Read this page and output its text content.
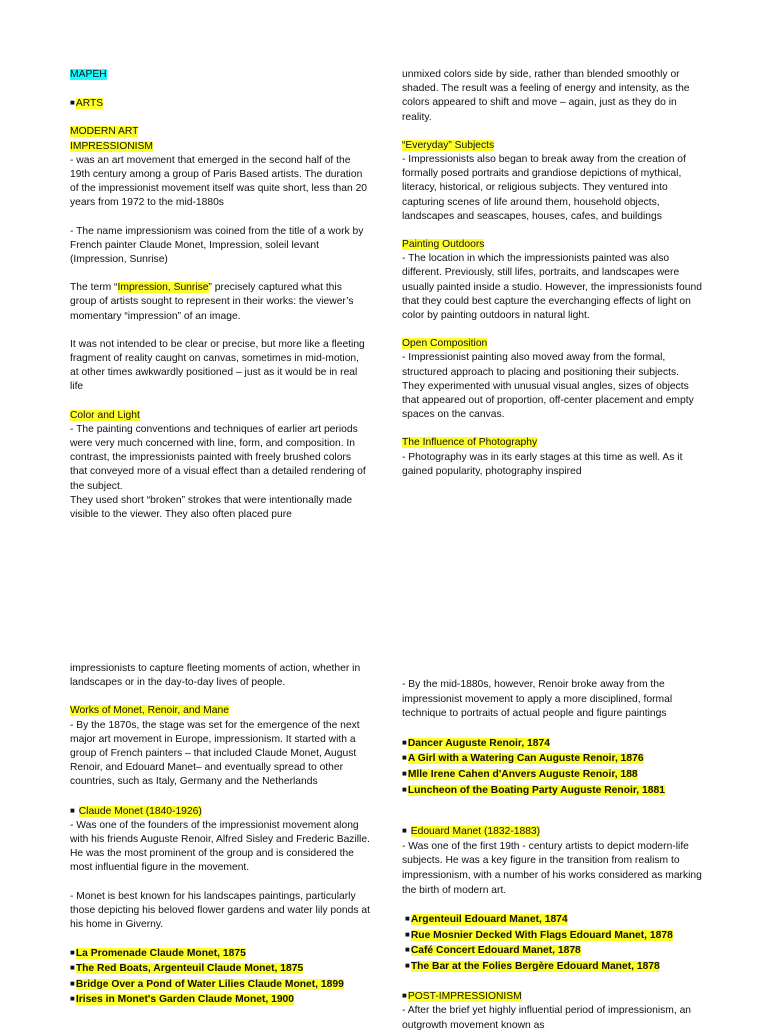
MAPEH

■ ARTS

MODERN ART

IMPRESSIONISM

- was an art movement that emerged in the second half of the 19th century among a group of Paris Based artists. The duration of the impressionist movement itself was quite short, less than 20 years from 1972 to the mid-1880s

- The name impressionism was coined from the title of a work by French painter Claude Monet, Impression, soleil levant (Impression, Sunrise)

The term “Impression, Sunrise” precisely captured what this group of artists sought to represent in their works: the viewer’s momentary “impression” of an image.

It was not intended to be clear or precise, but more like a fleeting fragment of reality caught on canvas, sometimes in mid-motion, at other times awkwardly positioned – just as it would be in real life

Color and Light

- The painting conventions and techniques of earlier art periods were very much concerned with line, form, and composition. In contrast, the impressionists painted with freely brushed colors that conveyed more of a visual effect than a detailed rendering of the subject.

They used short “broken” strokes that were intentionally made visible to the viewer. They also often placed pure

unmixed colors side by side, rather than blended smoothly or shaded. The result was a feeling of energy and intensity, as the colors appeared to shift and move – again, just as they do in reality.

“Everyday” Subjects

- Impressionists also began to break away from the creation of formally posed portraits and grandiose depictions of mythical, literacy, historical, or religious subjects. They ventured into capturing scenes of life around them, household objects, landscapes and seascapes, houses, cafes, and buildings

Painting Outdoors

- The location in which the impressionists painted was also different. Previously, still lifes, portraits, and landscapes were usually painted inside a studio. However, the impressionists found that they could best capture the everchanging effects of light on color by painting outdoors in natural light.

Open Composition

- Impressionist painting also moved away from the formal, structured approach to placing and positioning their subjects. They experimented with unusual visual angles, sizes of objects that appeared out of proportion, off-center placement and empty spaces on the canvas.

The Influence of Photography

- Photography was in its early stages at this time as well. As it gained popularity, photography inspired

impressionists to capture fleeting moments of action, whether in landscapes or in the day-to-day lives of people.

Works of Monet, Renoir, and Mane

- By the 1870s, the stage was set for the emergence of the next major art movement in Europe, impressionism. It started with a group of French painters – that included Claude Monet, August Renoir, and Edouard Manet– and eventually spread to other countries, such as Italy, Germany and the Netherlands

■ Claude Monet (1840-1926)

- Was one of the founders of the impressionist movement along with his friends Auguste Renoir, Alfred Sisley and Frederic Bazille. He was the most prominent of the group and is considered the most influential figure in the movement.

- Monet is best known for his landscapes paintings, particularly those depicting his beloved flower gardens and water lily ponds at his home in Giverny.

■ La Promenade Claude Monet, 1875

■ The Red Boats, Argenteuil Claude Monet, 1875

■ Bridge Over a Pond of Water Lilies Claude Monet, 1899

■ Irises in Monet's Garden Claude Monet, 1900

- By the mid-1880s, however, Renoir broke away from the impressionist movement to apply a more disciplined, formal technique to portraits of actual people and figure paintings

■ Dancer Auguste Renoir, 1874

■ A Girl with a Watering Can Auguste Renoir, 1876

■ Mlle Irene Cahen d'Anvers Auguste Renoir, 188

■ Luncheon of the Boating Party Auguste Renoir, 1881

■ Edouard Manet (1832-1883)

- Was one of the first 19th - century artists to depict modern-life subjects. He was a key figure in the transition from realism to impressionism, with a number of his works considered as marking the birth of modern art.

■ Argenteuil Edouard Manet, 1874

■ Rue Mosnier Decked With Flags Edouard Manet, 1878

■ Café Concert Edouard Manet, 1878

■ The Bar at the Folies Bergère Edouard Manet, 1878

■ POST-IMPRESSIONISM

- After the brief yet highly influential period of impressionism, an outgrowth movement known as
